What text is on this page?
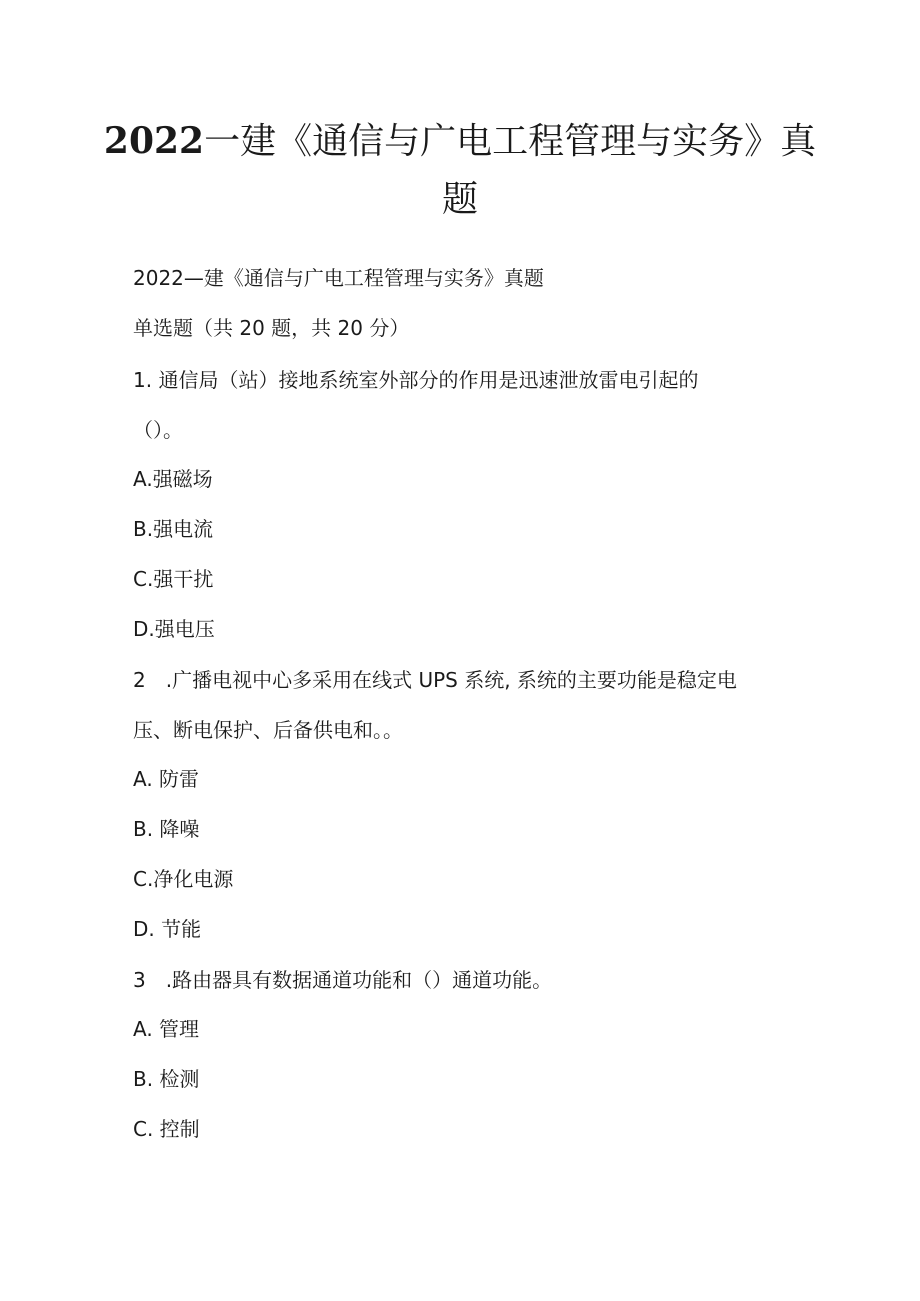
2022一建《通信与广电工程管理与实务》真
题
2022—建《通信与广电工程管理与实务》真题
单选题（共 20 题，共 20 分）
1. 通信局（站）接地系统室外部分的作用是迅速泄放雷电引起的
（）。
A.强磁场
B.强电流
C.强干扰
D.强电压
2 .广播电视中心多采用在线式 UPS 系统, 系统的主要功能是稳定电
压、断电保护、后备供电和。。
A. 防雷
B. 降噪
C.净化电源
D. 节能
3 .路由器具有数据通道功能和（）通道功能。
A. 管理
B. 检测
C. 控制
